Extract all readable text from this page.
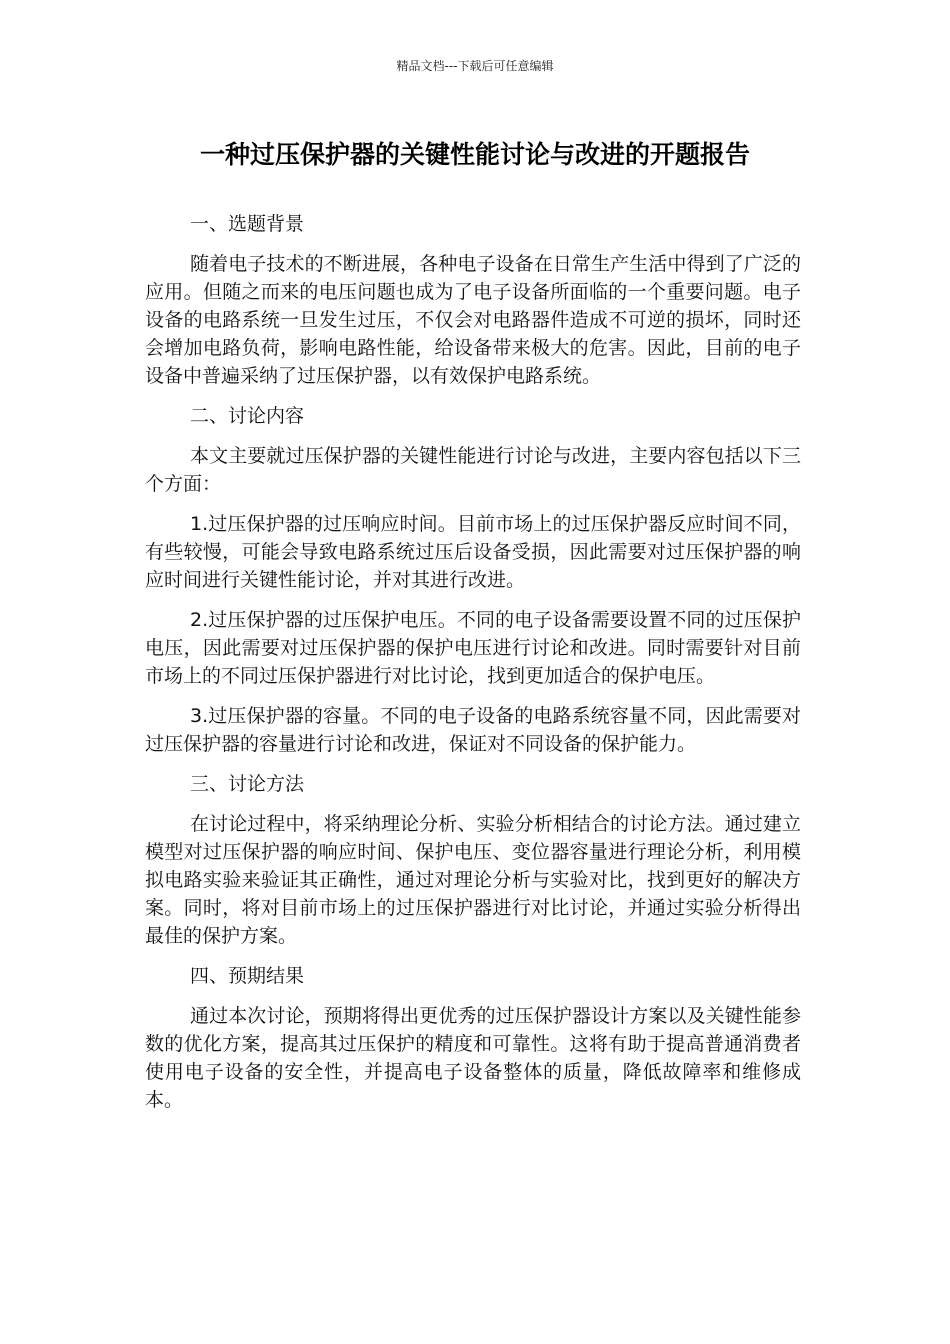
精品文档---下载后可任意编辑
一种过压保护器的关键性能讨论与改进的开题报告

一、选题背景

随着电子技术的不断进展，各种电子设备在日常生产生活中得到了广泛的应用。但随之而来的电压问题也成为了电子设备所面临的一个重要问题。电子设备的电路系统一旦发生过压，不仅会对电路器件造成不可逆的损坏，同时还会增加电路负荷，影响电路性能，给设备带来极大的危害。因此，目前的电子设备中普遍采纳了过压保护器，以有效保护电路系统。

二、讨论内容

本文主要就过压保护器的关键性能进行讨论与改进，主要内容包括以下三个方面：

1.过压保护器的过压响应时间。目前市场上的过压保护器反应时间不同，有些较慢，可能会导致电路系统过压后设备受损，因此需要对过压保护器的响应时间进行关键性能讨论，并对其进行改进。

2.过压保护器的过压保护电压。不同的电子设备需要设置不同的过压保护电压，因此需要对过压保护器的保护电压进行讨论和改进。同时需要针对目前市场上的不同过压保护器进行对比讨论，找到更加适合的保护电压。

3.过压保护器的容量。不同的电子设备的电路系统容量不同，因此需要对过压保护器的容量进行讨论和改进，保证对不同设备的保护能力。

三、讨论方法

在讨论过程中，将采纳理论分析、实验分析相结合的讨论方法。通过建立模型对过压保护器的响应时间、保护电压、变位器容量进行理论分析，利用模拟电路实验来验证其正确性，通过对理论分析与实验对比，找到更好的解决方案。同时，将对目前市场上的过压保护器进行对比讨论，并通过实验分析得出最佳的保护方案。

四、预期结果

通过本次讨论，预期将得出更优秀的过压保护器设计方案以及关键性能参数的优化方案，提高其过压保护的精度和可靠性。这将有助于提高普通消费者使用电子设备的安全性，并提高电子设备整体的质量，降低故障率和维修成本。
